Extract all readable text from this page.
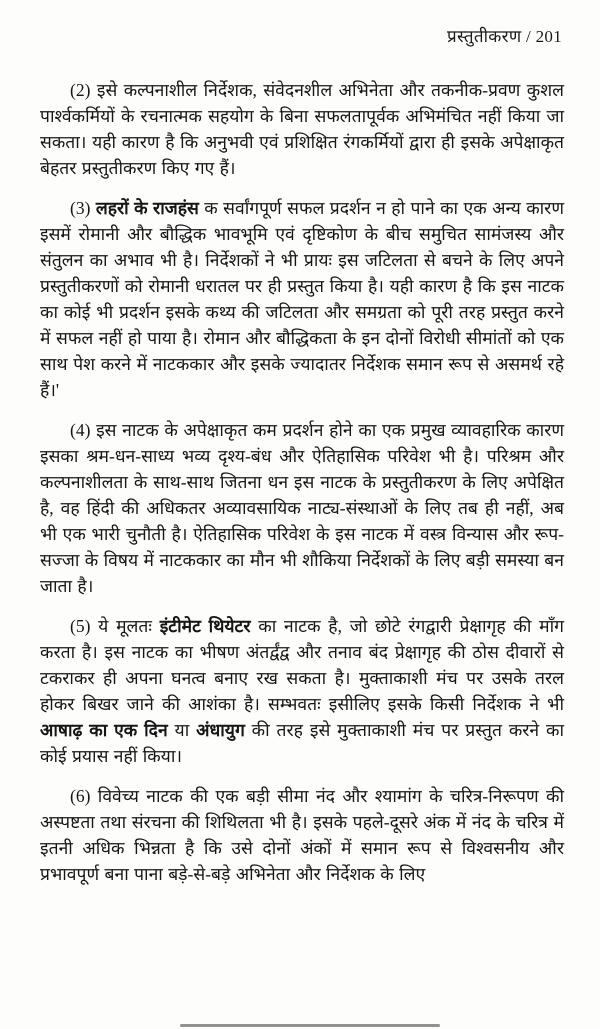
प्रस्तुतीकरण / 201

(2) इसे कल्पनाशील निर्देशक, संवेदनशील अभिनेता और तकनीक-प्रवण कुशल पार्श्वकर्मियों के रचनात्मक सहयोग के बिना सफलतापूर्वक अभिमंचित नहीं किया जा सकता। यही कारण है कि अनुभवी एवं प्रशिक्षित रंगकर्मियों द्वारा ही इसके अपेक्षाकृत बेहतर प्रस्तुतीकरण किए गए हैं।

(3) लहरों के राजहंस क सर्वांगपूर्ण सफल प्रदर्शन न हो पाने का एक अन्य कारण इसमें रोमानी और बौद्धिक भावभूमि एवं दृष्टिकोण के बीच समुचित सामंजस्य और संतुलन का अभाव भी है। निर्देशकों ने भी प्रायः इस जटिलता से बचने के लिए अपने प्रस्तुतीकरणों को रोमानी धरातल पर ही प्रस्तुत किया है। यही कारण है कि इस नाटक का कोई भी प्रदर्शन इसके कथ्य की जटिलता और समग्रता को पूरी तरह प्रस्तुत करने में सफल नहीं हो पाया है। रोमान और बौद्धिकता के इन दोनों विरोधी सीमांतों को एक साथ पेश करने में नाटककार और इसके ज्यादातर निर्देशक समान रूप से असमर्थ रहे हैं।'

(4) इस नाटक के अपेक्षाकृत कम प्रदर्शन होने का एक प्रमुख व्यावहारिक कारण इसका श्रम-धन-साध्य भव्य दृश्य-बंध और ऐतिहासिक परिवेश भी है। परिश्रम और कल्पनाशीलता के साथ-साथ जितना धन इस नाटक के प्रस्तुतीकरण के लिए अपेक्षित है, वह हिंदी की अधिकतर अव्यावसायिक नाट्य-संस्थाओं के लिए तब ही नहीं, अब भी एक भारी चुनौती है। ऐतिहासिक परिवेश के इस नाटक में वस्त्र विन्यास और रूप-सज्जा के विषय में नाटककार का मौन भी शौकिया निर्देशकों के लिए बड़ी समस्या बन जाता है।

(5) ये मूलतः इंटीमेट थियेटर का नाटक है, जो छोटे रंगद्वारी प्रेक्षागृह की माँग करता है। इस नाटक का भीषण अंतर्द्वंद्व और तनाव बंद प्रेक्षागृह की ठोस दीवारों से टकराकर ही अपना घनत्व बनाए रख सकता है। मुक्ताकाशी मंच पर उसके तरल होकर बिखर जाने की आशंका है। सम्भवतः इसीलिए इसके किसी निर्देशक ने भी आषाढ़ का एक दिन या अंधायुग की तरह इसे मुक्ताकाशी मंच पर प्रस्तुत करने का कोई प्रयास नहीं किया।

(6) विवेच्य नाटक की एक बड़ी सीमा नंद और श्यामांग के चरित्र-निरूपण की अस्पष्टता तथा संरचना की शिथिलता भी है। इसके पहले-दूसरे अंक में नंद के चरित्र में इतनी अधिक भिन्नता है कि उसे दोनों अंकों में समान रूप से विश्वसनीय और प्रभावपूर्ण बना पाना बड़े-से-बड़े अभिनेता और निर्देशक के लिए
